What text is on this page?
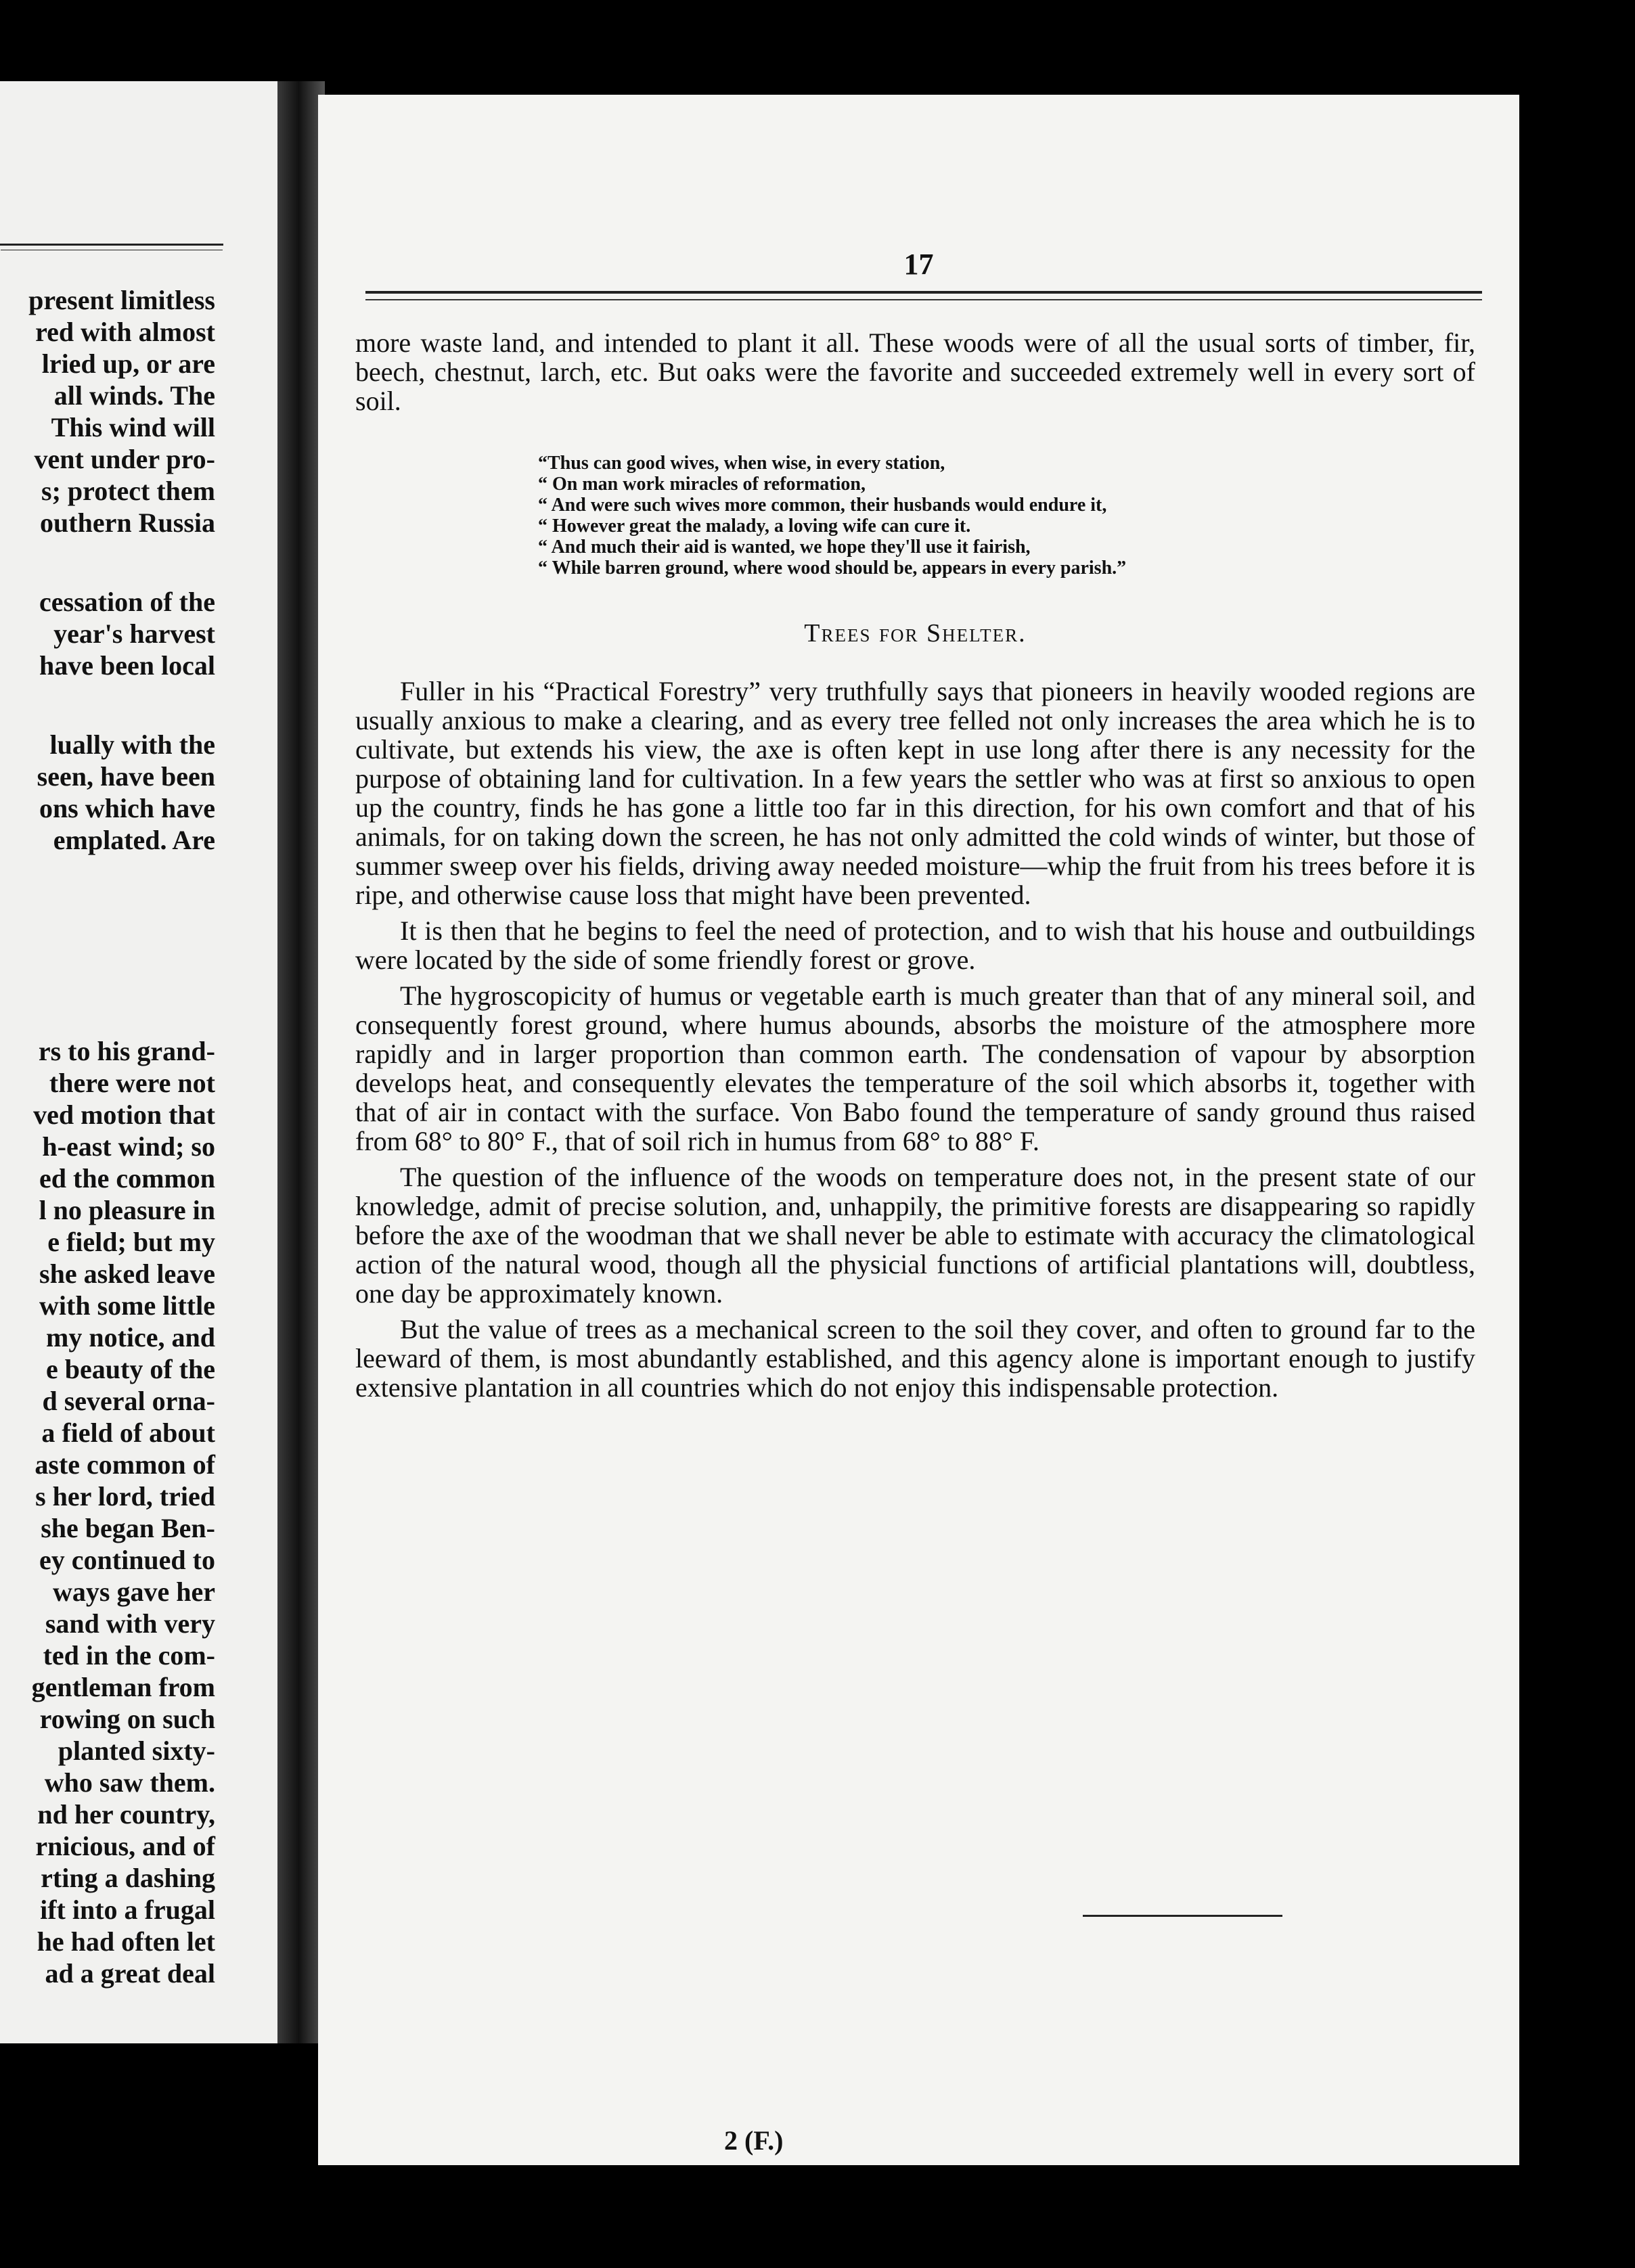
present limitless
red with almost
lried up, or are
all winds. The
This wind will
vent under pro-
s; protect them
outhern Russia
cessation of the
year's harvest
have been local
lually with the
seen, have been
ons which have
emplated. Are
rs to his grand-
there were not
ved motion that
h-east wind; so
ed the common
l no pleasure in
e field; but my
she asked leave
with some little
my notice, and
e beauty of the
d several orna-
a field of about
aste common of
s her lord, tried
she began Ben-
ey continued to
ways gave her
sand with very
ted in the com-
gentleman from
rowing on such
planted sixty-
who saw them.
nd her country,
rnicious, and of
rting a dashing
ift into a frugal
he had often let
ad a great deal
17

more waste land, and intended to plant it all. These woods were of all the usual sorts of timber, fir, beech, chestnut, larch, etc. But oaks were the favorite and succeeded extremely well in every sort of soil.

“Thus can good wives, when wise, in every station,
“ On man work miracles of reformation,
“ And were such wives more common, their husbands would endure it,
“ However great the malady, a loving wife can cure it.
“ And much their aid is wanted, we hope they'll use it fairish,
“ While barren ground, where wood should be, appears in every parish.”
Trees for Shelter.

Fuller in his “Practical Forestry” very truthfully says that pioneers in heavily wooded regions are usually anxious to make a clearing, and as every tree felled not only increases the area which he is to cultivate, but extends his view, the axe is often kept in use long after there is any necessity for the purpose of obtaining land for cultivation. In a few years the settler who was at first so anxious to open up the country, finds he has gone a little too far in this direction, for his own comfort and that of his animals, for on taking down the screen, he has not only admitted the cold winds of winter, but those of summer sweep over his fields, driving away needed moisture—whip the fruit from his trees before it is ripe, and otherwise cause loss that might have been prevented.

It is then that he begins to feel the need of protection, and to wish that his house and outbuildings were located by the side of some friendly forest or grove.

The hygroscopicity of humus or vegetable earth is much greater than that of any mineral soil, and consequently forest ground, where humus abounds, absorbs the moisture of the atmosphere more rapidly and in larger proportion than common earth. The condensation of vapour by absorption develops heat, and consequently elevates the temperature of the soil which absorbs it, together with that of air in contact with the surface. Von Babo found the temperature of sandy ground thus raised from 68° to 80° F., that of soil rich in humus from 68° to 88° F.

The question of the influence of the woods on temperature does not, in the present state of our knowledge, admit of precise solution, and, unhappily, the primitive forests are disappearing so rapidly before the axe of the woodman that we shall never be able to estimate with accuracy the climatological action of the natural wood, though all the physicial functions of artificial plantations will, doubtless, one day be approximately known.

But the value of trees as a mechanical screen to the soil they cover, and often to ground far to the leeward of them, is most abundantly established, and this agency alone is important enough to justify extensive plantation in all countries which do not enjoy this indispensable protection.

2 (F.)
